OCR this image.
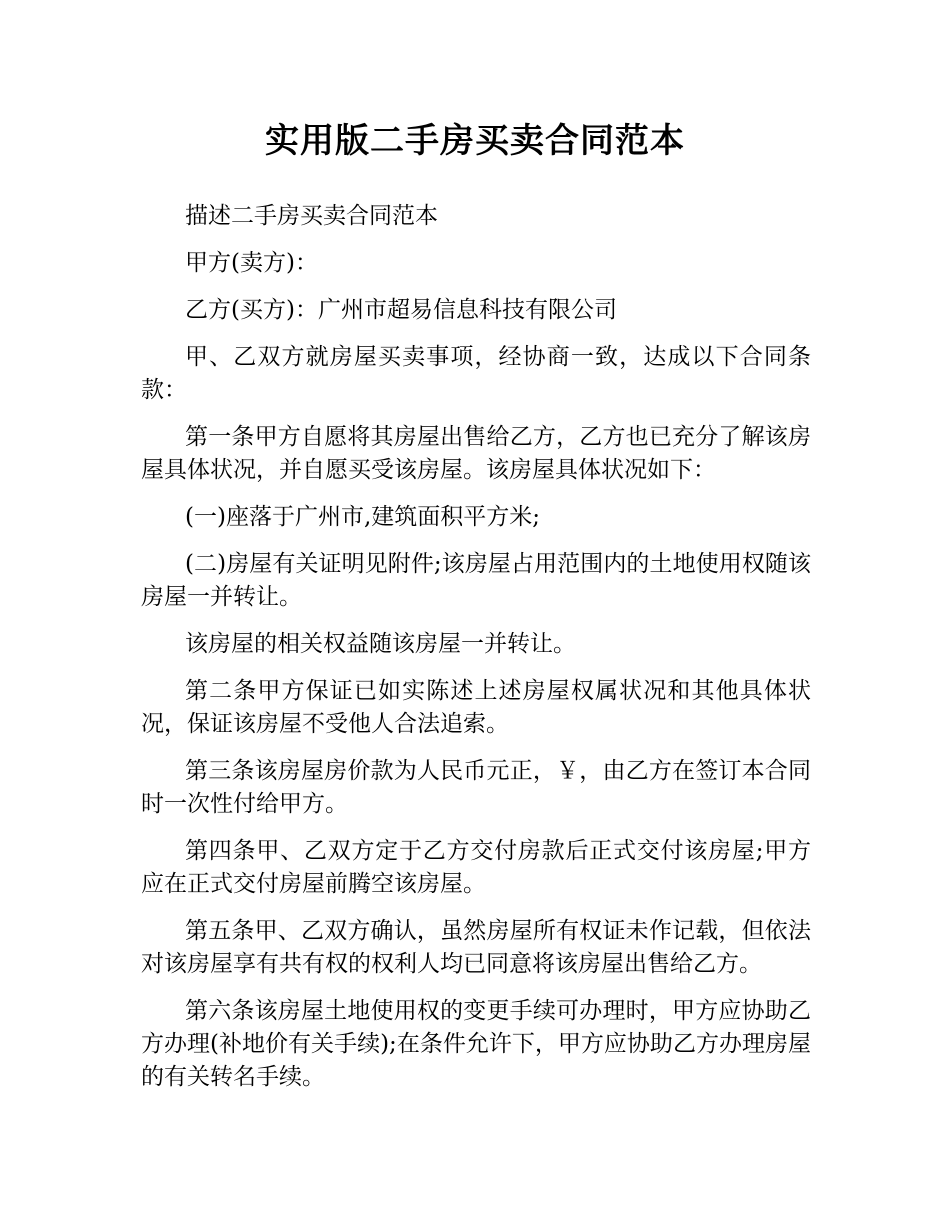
实用版二手房买卖合同范本

描述二手房买卖合同范本

甲方(卖方)：

乙方(买方)：广州市超易信息科技有限公司

甲、乙双方就房屋买卖事项，经协商一致，达成以下合同条款：

第一条甲方自愿将其房屋出售给乙方，乙方也已充分了解该房屋具体状况，并自愿买受该房屋。该房屋具体状况如下：

(一)座落于广州市,建筑面积平方米;

(二)房屋有关证明见附件;该房屋占用范围内的土地使用权随该房屋一并转让。

该房屋的相关权益随该房屋一并转让。

第二条甲方保证已如实陈述上述房屋权属状况和其他具体状况，保证该房屋不受他人合法追索。

第三条该房屋房价款为人民币元正，￥，由乙方在签订本合同时一次性付给甲方。

第四条甲、乙双方定于乙方交付房款后正式交付该房屋;甲方应在正式交付房屋前腾空该房屋。

第五条甲、乙双方确认，虽然房屋所有权证未作记载，但依法对该房屋享有共有权的权利人均已同意将该房屋出售给乙方。

第六条该房屋土地使用权的变更手续可办理时，甲方应协助乙方办理(补地价有关手续);在条件允许下，甲方应协助乙方办理房屋的有关转名手续。
